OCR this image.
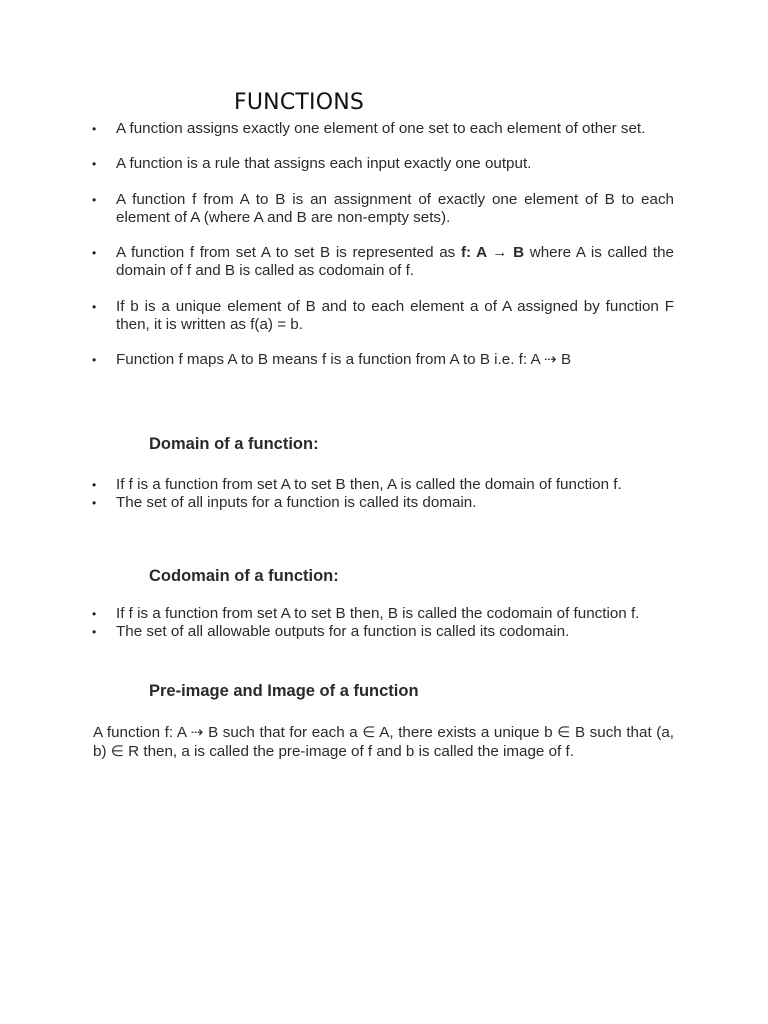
FUNCTIONS
• A function assigns exactly one element of one set to each element of other set.
• A function is a rule that assigns each input exactly one output.
• A function f from A to B is an assignment of exactly one element of B to each element of A (where A and B are non-empty sets).
• A function f from set A to set B is represented as f: A → B where A is called the domain of f and B is called as codomain of f.
• If b is a unique element of B and to each element a of A assigned by function F then, it is written as f(a) = b.
• Function f maps A to B means f is a function from A to B i.e. f: A ⇢ B
Domain of a function:
• If f is a function from set A to set B then, A is called the domain of function f.
• The set of all inputs for a function is called its domain.
Codomain of a function:
• If f is a function from set A to set B then, B is called the codomain of function f.
• The set of all allowable outputs for a function is called its codomain.
Pre-image and Image of a function
A function f: A ⇢ B such that for each a ∈ A, there exists a unique b ∈ B such that (a, b) ∈ R then, a is called the pre-image of f and b is called the image of f.
